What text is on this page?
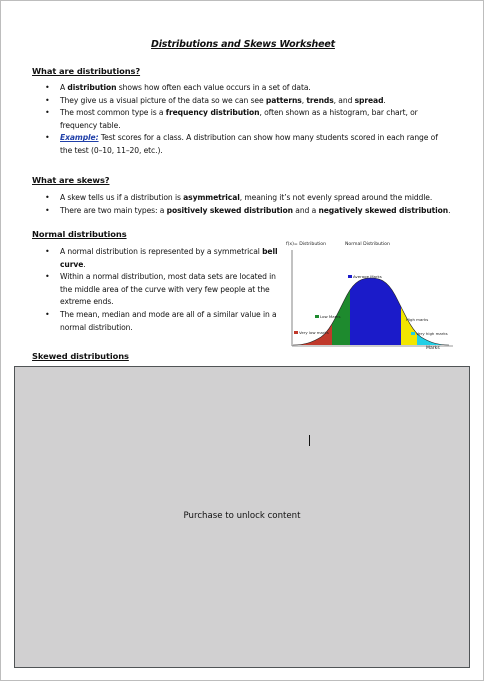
Distributions and Skews Worksheet
What are distributions?
• A distribution shows how often each value occurs in a set of data.
• They give us a visual picture of the data so we can see patterns, trends, and spread.
• The most common type is a frequency distribution, often shown as a histogram, bar chart, or frequency table.
• Example: Test scores for a class. A distribution can show how many students scored in each range of the test (0–10, 11–20, etc.).
What are skews?
• A skew tells us if a distribution is asymmetrical, meaning it’s not evenly spread around the middle.
• There are two main types: a positively skewed distribution and a negatively skewed distribution.
Normal distributions
• A normal distribution is represented by a symmetrical bell curve.
• Within a normal distribution, most data sets are located in the middle area of the curve with very few people at the extreme ends.
• The mean, median and mode are all of a similar value in a normal distribution.
f(x)= Distribution	Normal Distribution
Marks
Average Marks
Low Marks
High marks
Very low marks	Very high marks
Skewed distributions
Purchase to unlock content
